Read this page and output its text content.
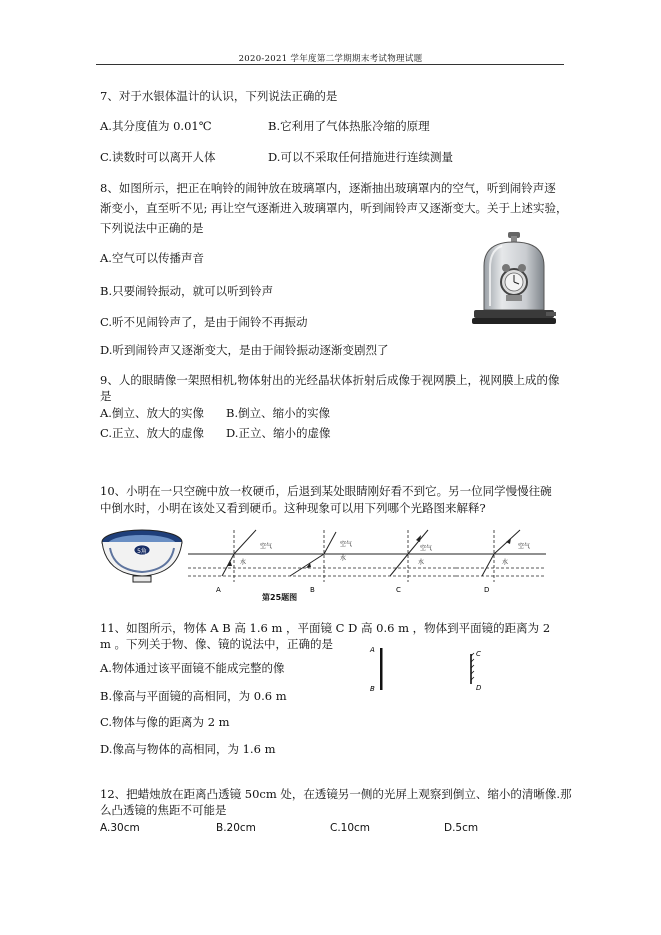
2020-2021 学年度第二学期期末考试物理试题
7、对于水银体温计的认识，下列说法正确的是
A.其分度值为 0.01℃	B.它利用了气体热胀冷缩的原理
C.读数时可以离开人体	D.可以不采取任何措施进行连续测量
8、如图所示，把正在响铃的闹钟放在玻璃罩内，逐渐抽出玻璃罩内的空气，听到闹铃声逐
渐变小，直至听不见; 再让空气逐渐进入玻璃罩内，听到闹铃声又逐渐变大。关于上述实验，
下列说法中正确的是
A.空气可以传播声音
B.只要闹铃振动，就可以听到铃声
C.听不见闹铃声了，是由于闹铃不再振动
D.听到闹铃声又逐渐变大，是由于闹铃振动逐渐变剧烈了
9、人的眼睛像一架照相机,物体射出的光经晶状体折射后成像于视网膜上，视网膜上成的像
是
A.倒立、放大的实像 B.倒立、缩小的实像
C.正立、放大的虚像 D.正立、缩小的虚像
10、小明在一只空碗中放一枚硬币，后退到某处眼睛刚好看不到它。另一位同学慢慢往碗
中倒水时，小明在该处又看到硬币。这种现象可以用下列哪个光路图来解释?
5角
空气
水
A
空气
水
B
空气
水
C
空气
水
D
第25题图
11、如图所示，物体 A B 高 1.6 m ，平面镜 C D 高 0.6 m ，物体到平面镜的距离为 2
m 。下列关于物、像、镜的说法中，正确的是
A.物体通过该平面镜不能成完整的像
B.像高与平面镜的高相同，为 0.6 m
C.物体与像的距离为 2 m
D.像高与物体的高相同，为 1.6 m
A
B
C
D
12、把蜡烛放在距离凸透镜 50cm 处，在透镜另一侧的光屏上观察到倒立、缩小的清晰像.那
么凸透镜的焦距不可能是
A.30cm	B.20cm	C.10cm	D.5cm
